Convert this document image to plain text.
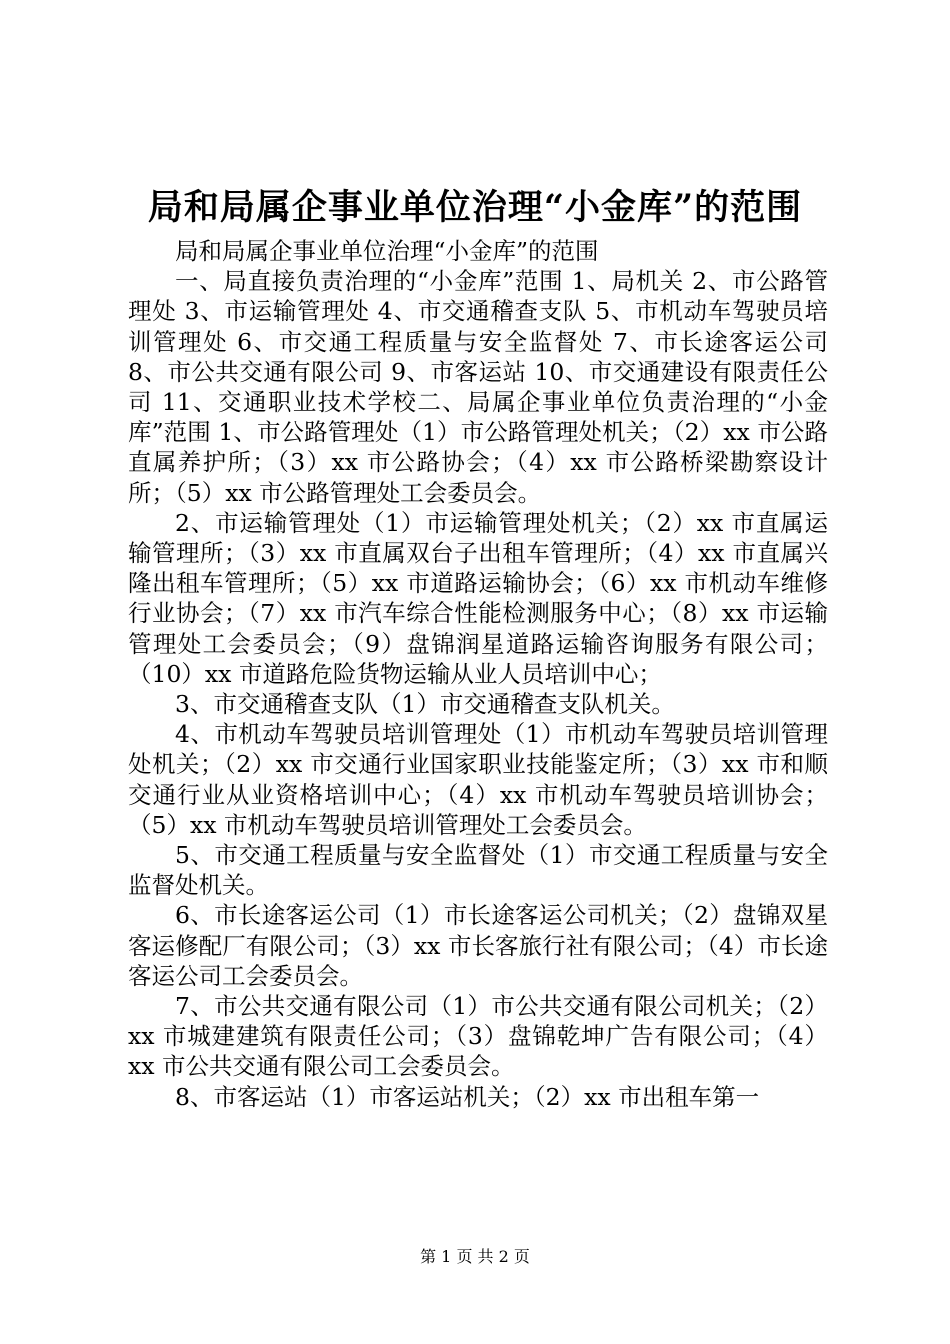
局和局属企事业单位治理“小金库”的范围

局和局属企事业单位治理“小金库”的范围

一、局直接负责治理的“小金库”范围 1、局机关 2、市公路管理处 3、市运输管理处 4、市交通稽查支队 5、市机动车驾驶员培训管理处 6、市交通工程质量与安全监督处 7、市长途客运公司 8、市公共交通有限公司 9、市客运站 10、市交通建设有限责任公司 11、交通职业技术学校二、局属企事业单位负责治理的“小金库”范围 1、市公路管理处（1）市公路管理处机关；（2）xx 市公路直属养护所；（3）xx 市公路协会；（4）xx 市公路桥梁勘察设计所；（5）xx 市公路管理处工会委员会。

2、市运输管理处（1）市运输管理处机关；（2）xx 市直属运输管理所；（3）xx 市直属双台子出租车管理所；（4）xx 市直属兴隆出租车管理所；（5）xx 市道路运输协会；（6）xx 市机动车维修行业协会；（7）xx 市汽车综合性能检测服务中心；（8）xx 市运输管理处工会委员会；（9）盘锦润星道路运输咨询服务有限公司；（10）xx 市道路危险货物运输从业人员培训中心；

3、市交通稽查支队（1）市交通稽查支队机关。

4、市机动车驾驶员培训管理处（1）市机动车驾驶员培训管理处机关；（2）xx 市交通行业国家职业技能鉴定所；（3）xx 市和顺交通行业从业资格培训中心；（4）xx 市机动车驾驶员培训协会；（5）xx 市机动车驾驶员培训管理处工会委员会。

5、市交通工程质量与安全监督处（1）市交通工程质量与安全监督处机关。

6、市长途客运公司（1）市长途客运公司机关；（2）盘锦双星客运修配厂有限公司；（3）xx 市长客旅行社有限公司；（4）市长途客运公司工会委员会。

7、市公共交通有限公司（1）市公共交通有限公司机关；（2）xx 市城建建筑有限责任公司；（3）盘锦乾坤广告有限公司；（4）xx 市公共交通有限公司工会委员会。

8、市客运站（1）市客运站机关；（2）xx 市出租车第一

第 1 页 共 2 页
